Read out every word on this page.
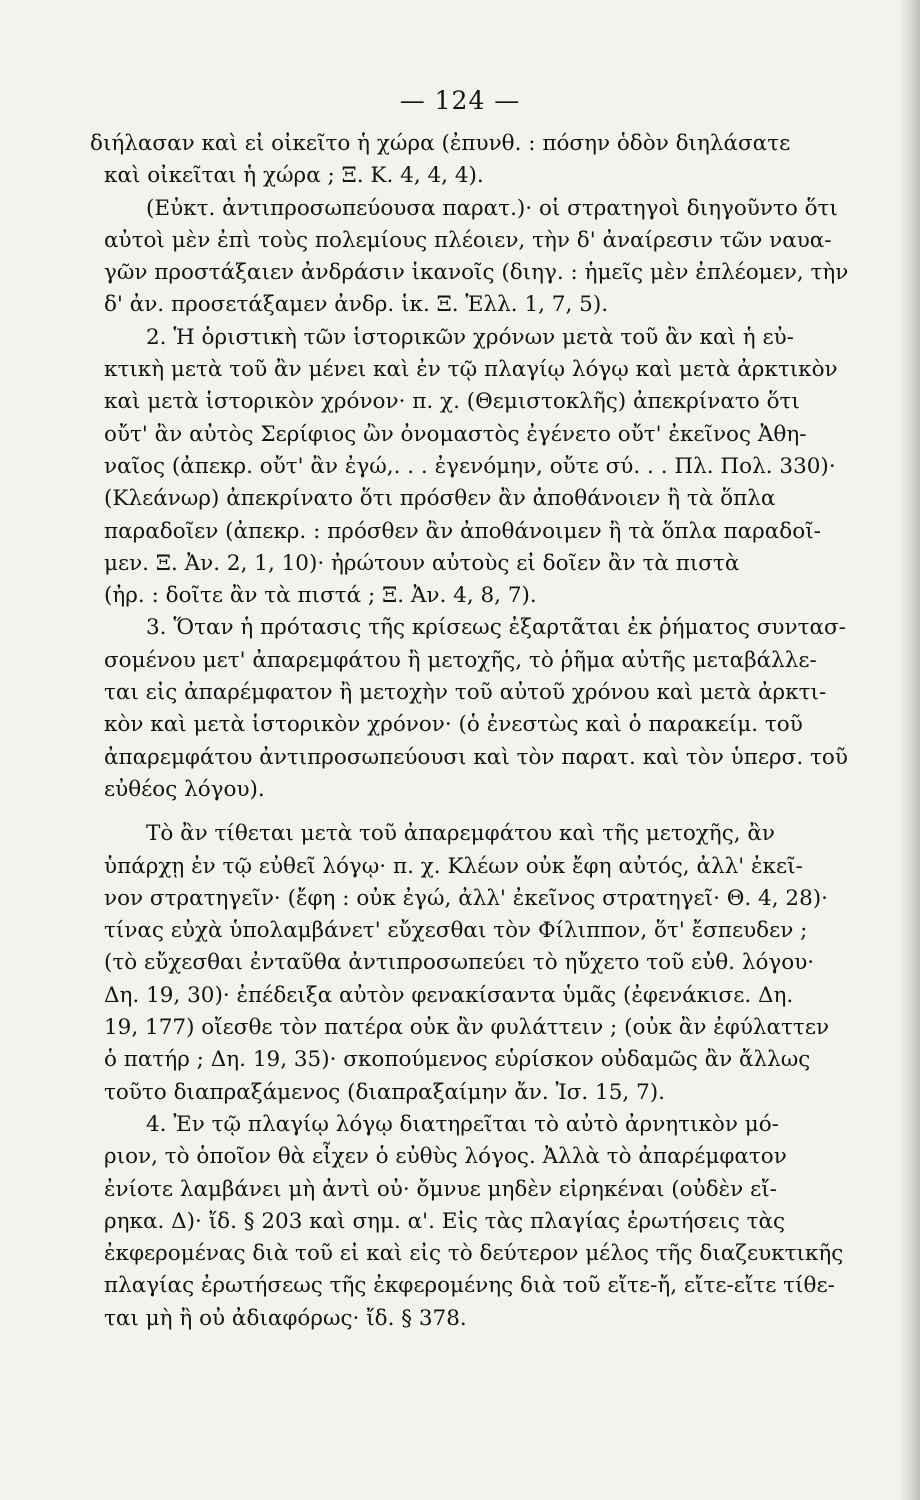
— 124 —
διήλασαν καὶ εἰ οἰκεῖτο ἡ χώρα (ἐπυνθ. : πόσην ὁδὸν διηλάσατε
καὶ οἰκεῖται ἡ χώρα ; Ξ. Κ. 4, 4, 4).
(Εὐκτ. ἀντιπροσωπεύουσα παρατ.)· οἱ στρατηγοὶ διηγοῦντο ὅτι
αὐτοὶ μὲν ἐπὶ τοὺς πολεμίους πλέοιεν, τὴν δ' ἀναίρεσιν τῶν ναυα-
γῶν προστάξαιεν ἀνδράσιν ἱκανοῖς (διηγ. : ἡμεῖς μὲν ἐπλέομεν, τὴν
δ' ἀν. προσετάξαμεν ἀνδρ. ἱκ. Ξ. Ἑλλ. 1, 7, 5).
2. Ἡ ὁριστικὴ τῶν ἱστορικῶν χρόνων μετὰ τοῦ ἂν καὶ ἡ εὐ-
κτικὴ μετὰ τοῦ ἂν μένει καὶ ἐν τῷ πλαγίῳ λόγῳ καὶ μετὰ ἀρκτικὸν
καὶ μετὰ ἱστορικὸν χρόνον· π. χ. (Θεμιστοκλῆς) ἀπεκρίνατο ὅτι
οὔτ' ἂν αὐτὸς Σερίφιος ὢν ὀνομαστὸς ἐγένετο οὔτ' ἐκεῖνος Ἀθη-
ναῖος (ἀπεκρ. οὔτ' ἂν ἐγώ,. . . ἐγενόμην, οὔτε σύ. . . Πλ. Πολ. 330)·
(Κλεάνωρ) ἀπεκρίνατο ὅτι πρόσθεν ἂν ἀποθάνοιεν ἢ τὰ ὅπλα
παραδοῖεν (ἀπεκρ. : πρόσθεν ἂν ἀποθάνοιμεν ἢ τὰ ὅπλα παραδοῖ-
μεν. Ξ. Ἀν. 2, 1, 10)· ἠρώτουν αὐτοὺς εἰ δοῖεν ἂν τὰ πιστὰ
(ἠρ. : δοῖτε ἂν τὰ πιστά ; Ξ. Ἀν. 4, 8, 7).
3. Ὅταν ἡ πρότασις τῆς κρίσεως ἐξαρτᾶται ἐκ ῥήματος συντασ-
σομένου μετ' ἀπαρεμφάτου ἢ μετοχῆς, τὸ ῥῆμα αὐτῆς μεταβάλλε-
ται εἰς ἀπαρέμφατον ἢ μετοχὴν τοῦ αὐτοῦ χρόνου καὶ μετὰ ἀρκτι-
κὸν καὶ μετὰ ἱστορικὸν χρόνον· (ὁ ἐνεστὼς καὶ ὁ παρακείμ. τοῦ
ἀπαρεμφάτου ἀντιπροσωπεύουσι καὶ τὸν παρατ. καὶ τὸν ὑπερσ. τοῦ
εὐθέος λόγου).
Τὸ ἂν τίθεται μετὰ τοῦ ἀπαρεμφάτου καὶ τῆς μετοχῆς, ἂν
ὑπάρχῃ ἐν τῷ εὐθεῖ λόγῳ· π. χ. Κλέων οὐκ ἔφη αὐτός, ἀλλ' ἐκεῖ-
νον στρατηγεῖν· (ἔφη : οὐκ ἐγώ, ἀλλ' ἐκεῖνος στρατηγεῖ· Θ. 4, 28)·
τίνας εὐχὰ ὑπολαμβάνετ' εὔχεσθαι τὸν Φίλιππον, ὅτ' ἔσπευδεν ;
(τὸ εὔχεσθαι ἐνταῦθα ἀντιπροσωπεύει τὸ ηὔχετο τοῦ εὐθ. λόγου·
Δη. 19, 30)· ἐπέδειξα αὐτὸν φενακίσαντα ὑμᾶς (ἐφενάκισε. Δη.
19, 177) οἴεσθε τὸν πατέρα οὐκ ἂν φυλάττειν ; (οὐκ ἂν ἐφύλαττεν
ὁ πατήρ ; Δη. 19, 35)· σκοπούμενος εὑρίσκον οὐδαμῶς ἂν ἄλλως
τοῦτο διαπραξάμενος (διαπραξαίμην ἄν. Ἰσ. 15, 7).
4. Ἐν τῷ πλαγίῳ λόγῳ διατηρεῖται τὸ αὐτὸ ἀρνητικὸν μό-
ριον, τὸ ὁποῖον θὰ εἶχεν ὁ εὐθὺς λόγος. Ἀλλὰ τὸ ἀπαρέμφατον
ἐνίοτε λαμβάνει μὴ ἀντὶ οὐ· ὄμνυε μηδὲν εἰρηκέναι (οὐδὲν εἴ-
ρηκα. Δ)· ἴδ. § 203 καὶ σημ. α'. Εἰς τὰς πλαγίας ἐρωτήσεις τὰς
ἐκφερομένας διὰ τοῦ εἰ καὶ εἰς τὸ δεύτερον μέλος τῆς διαζευκτικῆς
πλαγίας ἐρωτήσεως τῆς ἐκφερομένης διὰ τοῦ εἴτε-ἤ, εἴτε-εἴτε τίθε-
ται μὴ ἢ οὐ ἀδιαφόρως· ἴδ. § 378.
